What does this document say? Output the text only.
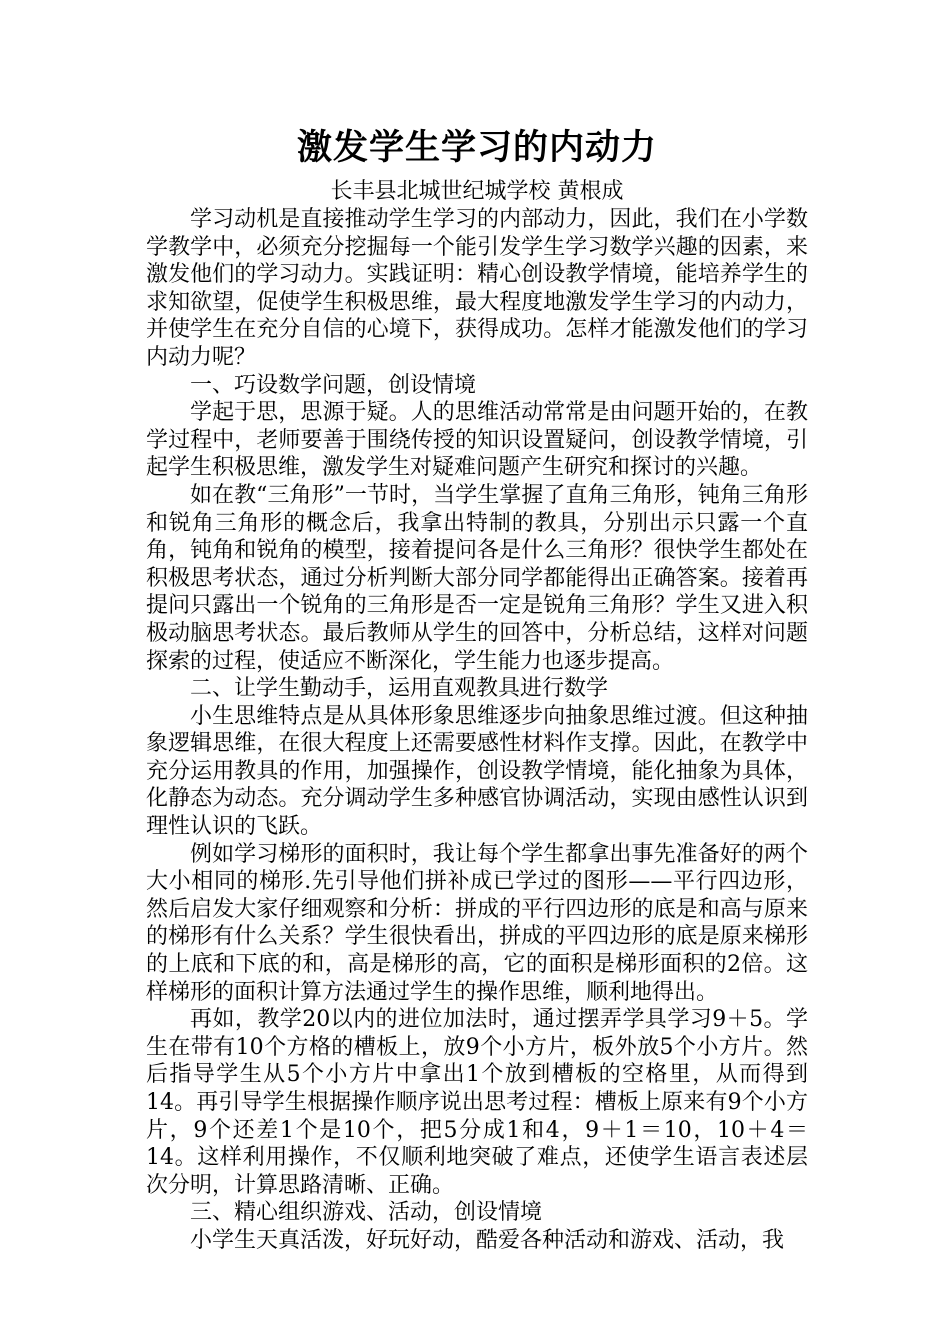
激发学生学习的内动力

长丰县北城世纪城学校 黄根成

学习动机是直接推动学生学习的内部动力，因此，我们在小学数学教学中，必须充分挖掘每一个能引发学生学习数学兴趣的因素，来激发他们的学习动力。实践证明：精心创设教学情境，能培养学生的求知欲望，促使学生积极思维，最大程度地激发学生学习的内动力，并使学生在充分自信的心境下，获得成功。怎样才能激发他们的学习内动力呢？

一、巧设数学问题，创设情境

学起于思，思源于疑。人的思维活动常常是由问题开始的，在教学过程中，老师要善于围绕传授的知识设置疑问，创设教学情境，引起学生积极思维，激发学生对疑难问题产生研究和探讨的兴趣。

如在教“三角形”一节时，当学生掌握了直角三角形，钝角三角形和锐角三角形的概念后，我拿出特制的教具，分别出示只露一个直角，钝角和锐角的模型，接着提问各是什么三角形？很快学生都处在积极思考状态，通过分析判断大部分同学都能得出正确答案。接着再提问只露出一个锐角的三角形是否一定是锐角三角形？学生又进入积极动脑思考状态。最后教师从学生的回答中，分析总结，这样对问题探索的过程，使适应不断深化，学生能力也逐步提高。

二、让学生勤动手，运用直观教具进行数学

小生思维特点是从具体形象思维逐步向抽象思维过渡。但这种抽象逻辑思维，在很大程度上还需要感性材料作支撑。因此，在教学中充分运用教具的作用，加强操作，创设教学情境，能化抽象为具体，化静态为动态。充分调动学生多种感官协调活动，实现由感性认识到理性认识的飞跃。

例如学习梯形的面积时，我让每个学生都拿出事先准备好的两个大小相同的梯形.先引导他们拼补成已学过的图形——平行四边形，然后启发大家仔细观察和分析：拼成的平行四边形的底是和高与原来的梯形有什么关系？学生很快看出，拼成的平四边形的底是原来梯形的上底和下底的和，高是梯形的高，它的面积是梯形面积的2倍。这样梯形的面积计算方法通过学生的操作思维，顺利地得出。

再如，教学20以内的进位加法时，通过摆弄学具学习9＋5。学生在带有10个方格的槽板上，放9个小方片，板外放5个小方片。然后指导学生从5个小方片中拿出1个放到槽板的空格里，从而得到14。再引导学生根据操作顺序说出思考过程：槽板上原来有9个小方片，9个还差1个是10个，把5分成1和4，9＋1＝10，10＋4＝14。这样利用操作，不仅顺利地突破了难点，还使学生语言表述层次分明，计算思路清晰、正确。

三、精心组织游戏、活动，创设情境

小学生天真活泼，好玩好动，酷爱各种活动和游戏、活动，我
